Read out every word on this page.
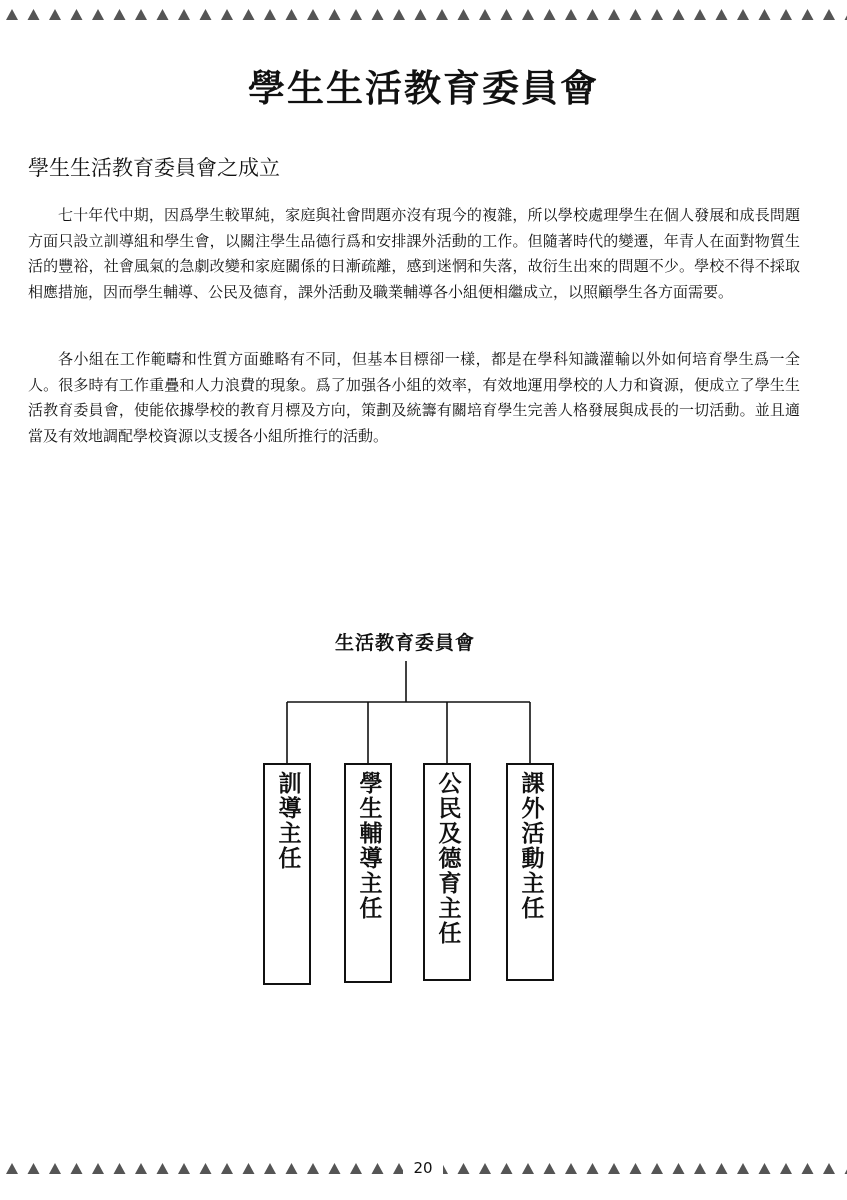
學生生活教育委員會
學生生活教育委員會之成立

七十年代中期，因爲學生較單純，家庭與社會問題亦沒有現今的複雜，所以學校處理學生在個人發展和成長問題方面只設立訓導組和學生會，以關注學生品德行爲和安排課外活動的工作。但隨著時代的變遷，年青人在面對物質生活的豐裕，社會風氣的急劇改變和家庭關係的日漸疏離，感到迷惘和失落，故衍生出來的問題不少。學校不得不採取相應措施，因而學生輔導、公民及德育，課外活動及職業輔導各小組便相繼成立，以照顧學生各方面需要。

各小組在工作範疇和性質方面雖略有不同，但基本目標卻一樣，都是在學科知識灌輸以外如何培育學生爲一全人。很多時有工作重疊和人力浪費的現象。爲了加强各小組的效率，有效地運用學校的人力和資源，便成立了學生生活教育委員會，使能依據學校的教育月標及方向，策劃及統籌有關培育學生完善人格發展與成長的一切活動。並且適當及有效地調配學校資源以支援各小組所推行的活動。

生活教育委員會
訓導主任 學生輔導主任 公民及德育主任 課外活動主任
20
